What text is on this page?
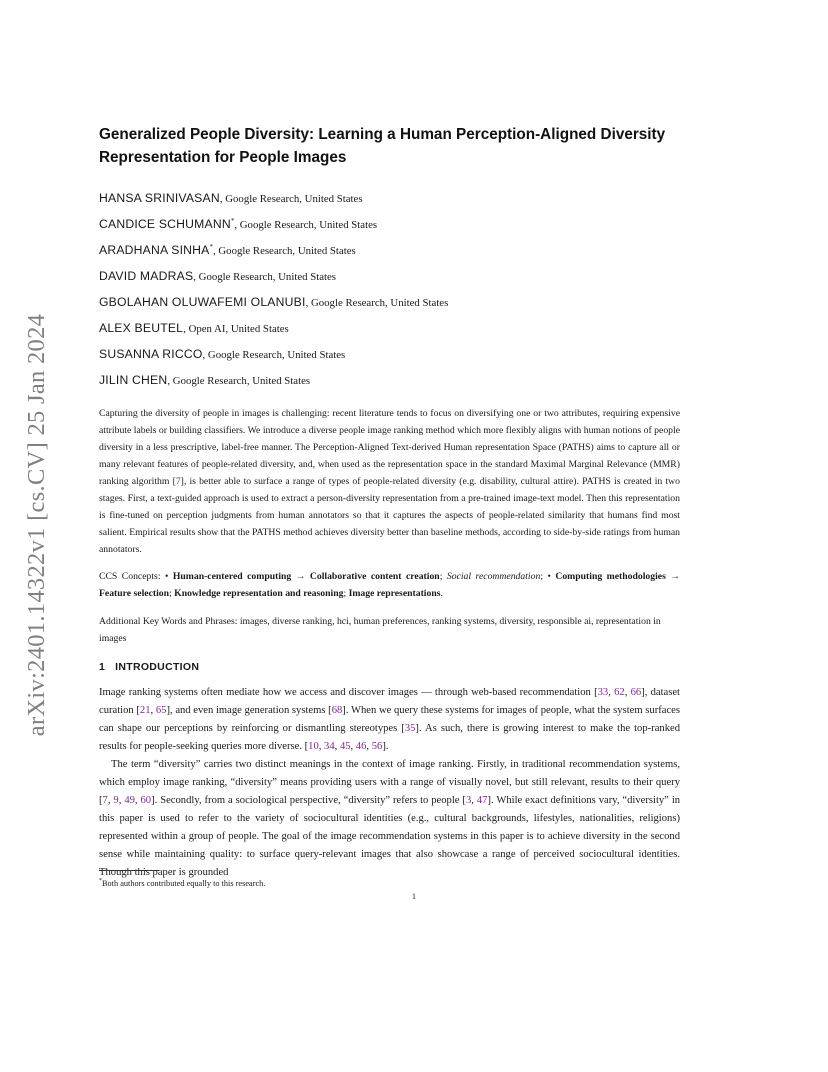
arXiv:2401.14322v1 [cs.CV] 25 Jan 2024
Generalized People Diversity: Learning a Human Perception-Aligned Diversity Representation for People Images
HANSA SRINIVASAN, Google Research, United States
CANDICE SCHUMANN*, Google Research, United States
ARADHANA SINHA*, Google Research, United States
DAVID MADRAS, Google Research, United States
GBOLAHAN OLUWAFEMI OLANUBI, Google Research, United States
ALEX BEUTEL, Open AI, United States
SUSANNA RICCO, Google Research, United States
JILIN CHEN, Google Research, United States

Capturing the diversity of people in images is challenging: recent literature tends to focus on diversifying one or two attributes, requiring expensive attribute labels or building classifiers. We introduce a diverse people image ranking method which more flexibly aligns with human notions of people diversity in a less prescriptive, label-free manner. The Perception-Aligned Text-derived Human representation Space (PATHS) aims to capture all or many relevant features of people-related diversity, and, when used as the representation space in the standard Maximal Marginal Relevance (MMR) ranking algorithm [7], is better able to surface a range of types of people-related diversity (e.g. disability, cultural attire). PATHS is created in two stages. First, a text-guided approach is used to extract a person-diversity representation from a pre-trained image-text model. Then this representation is fine-tuned on perception judgments from human annotators so that it captures the aspects of people-related similarity that humans find most salient. Empirical results show that the PATHS method achieves diversity better than baseline methods, according to side-by-side ratings from human annotators.

CCS Concepts: • Human-centered computing → Collaborative content creation; Social recommendation; • Computing methodologies → Feature selection; Knowledge representation and reasoning; Image representations.

Additional Key Words and Phrases: images, diverse ranking, hci, human preferences, ranking systems, diversity, responsible ai, representation in images

1 INTRODUCTION

Image ranking systems often mediate how we access and discover images — through web-based recommendation [33, 62, 66], dataset curation [21, 65], and even image generation systems [68]. When we query these systems for images of people, what the system surfaces can shape our perceptions by reinforcing or dismantling stereotypes [35]. As such, there is growing interest to make the top-ranked results for people-seeking queries more diverse. [10, 34, 45, 46, 56].

The term “diversity” carries two distinct meanings in the context of image ranking. Firstly, in traditional recommendation systems, which employ image ranking, “diversity” means providing users with a range of visually novel, but still relevant, results to their query [7, 9, 49, 60]. Secondly, from a sociological perspective, “diversity” refers to people [3, 47]. While exact definitions vary, “diversity” in this paper is used to refer to the variety of sociocultural identities (e.g., cultural backgrounds, lifestyles, nationalities, religions) represented within a group of people. The goal of the image recommendation systems in this paper is to achieve diversity in the second sense while maintaining quality: to surface query-relevant images that also showcase a range of perceived sociocultural identities. Though this paper is grounded

*Both authors contributed equally to this research.
1
